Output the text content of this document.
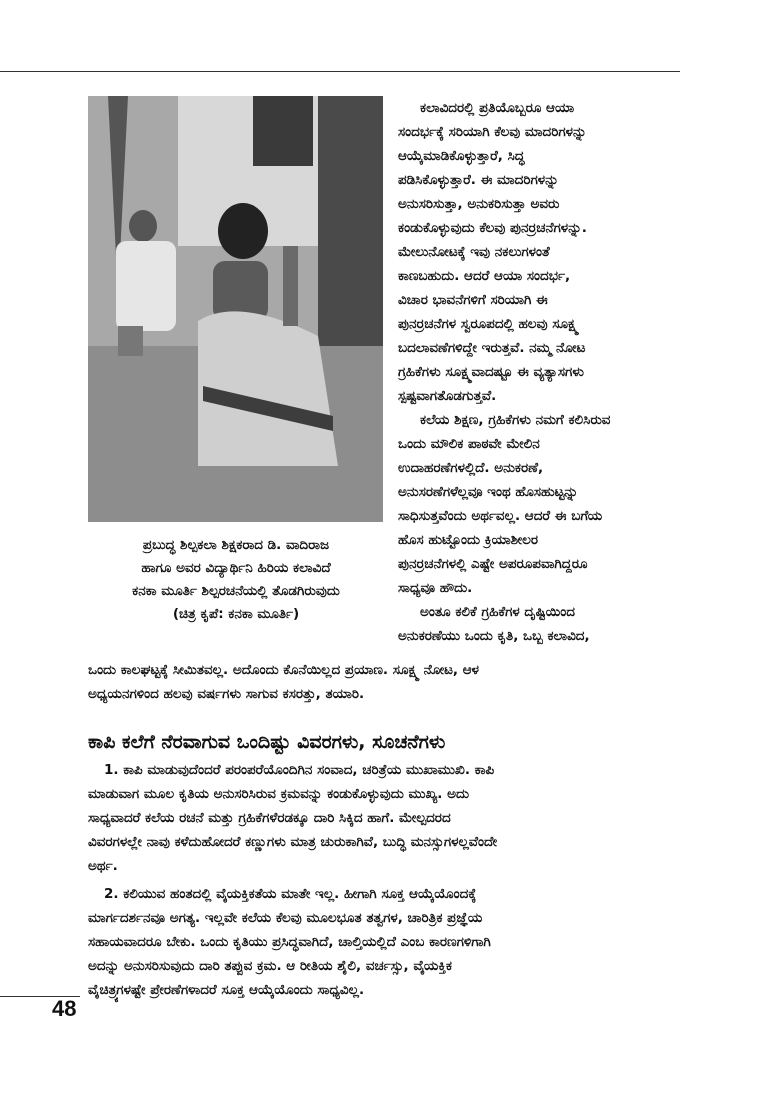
ಪ್ರಬುದ್ಧ ಶಿಲ್ಪಕಲಾ ಶಿಕ್ಷಕರಾದ ಡಿ. ವಾದಿರಾಜ
ಹಾಗೂ ಅವರ ವಿದ್ಯಾರ್ಥಿನಿ ಹಿರಿಯ ಕಲಾವಿದೆ
ಕನಕಾ ಮೂರ್ತಿ ಶಿಲ್ಪರಚನೆಯಲ್ಲಿ ತೊಡಗಿರುವುದು
(ಚಿತ್ರ ಕೃಪೆ: ಕನಕಾ ಮೂರ್ತಿ)
ಕಲಾವಿದರಲ್ಲಿ ಪ್ರತಿಯೊಬ್ಬರೂ ಆಯಾ
ಸಂದರ್ಭಕ್ಕೆ ಸರಿಯಾಗಿ ಕೆಲವು ಮಾದರಿಗಳನ್ನು
ಆಯ್ಕೆಮಾಡಿಕೊಳ್ಳುತ್ತಾರೆ, ಸಿದ್ಧ
ಪಡಿಸಿಕೊಳ್ಳುತ್ತಾರೆ. ಈ ಮಾದರಿಗಳನ್ನು
ಅನುಸರಿಸುತ್ತಾ, ಅನುಕರಿಸುತ್ತಾ ಅವರು
ಕಂಡುಕೊಳ್ಳುವುದು ಕೆಲವು ಪುನರ್ರಚನೆಗಳನ್ನು.
ಮೇಲುನೋಟಕ್ಕೆ ಇವು ನಕಲುಗಳಂತೆ
ಕಾಣಬಹುದು. ಆದರೆ ಆಯಾ ಸಂದರ್ಭ,
ವಿಚಾರ ಭಾವನೆಗಳಿಗೆ ಸರಿಯಾಗಿ ಈ
ಪುನರ್ರಚನೆಗಳ ಸ್ವರೂಪದಲ್ಲಿ ಹಲವು ಸೂಕ್ಷ್ಮ
ಬದಲಾವಣೆಗಳಿದ್ದೇ ಇರುತ್ತವೆ. ನಮ್ಮ ನೋಟ
ಗ್ರಹಿಕೆಗಳು ಸೂಕ್ಷ್ಮವಾದಷ್ಟೂ ಈ ವ್ಯತ್ಯಾಸಗಳು
ಸ್ಪಷ್ಟವಾಗತೊಡಗುತ್ತವೆ.
ಕಲೆಯ ಶಿಕ್ಷಣ, ಗ್ರಹಿಕೆಗಳು ನಮಗೆ ಕಲಿಸಿರುವ
ಒಂದು ಮೌಲಿಕ ಪಾಠವೇ ಮೇಲಿನ
ಉದಾಹರಣೆಗಳಲ್ಲಿದೆ. ಅನುಕರಣೆ,
ಅನುಸರಣೆಗಳೆಲ್ಲವೂ ಇಂಥ ಹೊಸಹುಟ್ಟನ್ನು
ಸಾಧಿಸುತ್ತವೆಂದು ಅರ್ಥವಲ್ಲ. ಆದರೆ ಈ ಬಗೆಯ
ಹೊಸ ಹುಟ್ಟೊಂದು ಕ್ರಿಯಾಶೀಲರ
ಪುನರ್ರಚನೆಗಳಲ್ಲಿ ಎಷ್ಟೇ ಅಪರೂಪವಾಗಿದ್ದರೂ
ಸಾಧ್ಯವೂ ಹೌದು.
ಅಂತೂ ಕಲಿಕೆ ಗ್ರಹಿಕೆಗಳ ದೃಷ್ಟಿಯಿಂದ
ಅನುಕರಣೆಯು ಒಂದು ಕೃತಿ, ಒಬ್ಬ ಕಲಾವಿದ,
ಒಂದು ಕಾಲಘಟ್ಟಕ್ಕೆ ಸೀಮಿತವಲ್ಲ. ಅದೊಂದು ಕೊನೆಯಿಲ್ಲದ ಪ್ರಯಾಣ. ಸೂಕ್ಷ್ಮ ನೋಟ, ಆಳ
ಅಧ್ಯಯನಗಳಿಂದ ಹಲವು ವರ್ಷಗಳು ಸಾಗುವ ಕಸರತ್ತು, ತಯಾರಿ.
ಕಾಪಿ ಕಲೆಗೆ ನೆರವಾಗುವ ಒಂದಿಷ್ಟು ವಿವರಗಳು, ಸೂಚನೆಗಳು
1. ಕಾಪಿ ಮಾಡುವುದೆಂದರೆ ಪರಂಪರೆಯೊಂದಿಗಿನ ಸಂವಾದ, ಚರಿತ್ರೆಯ ಮುಖಾಮುಖಿ. ಕಾಪಿ
ಮಾಡುವಾಗ ಮೂಲ ಕೃತಿಯ ಅನುಸರಿಸಿರುವ ಕ್ರಮವನ್ನು ಕಂಡುಕೊಳ್ಳುವುದು ಮುಖ್ಯ. ಅದು
ಸಾಧ್ಯವಾದರೆ ಕಲೆಯ ರಚನೆ ಮತ್ತು ಗ್ರಹಿಕೆಗಳೆರಡಕ್ಕೂ ದಾರಿ ಸಿಕ್ಕಿದ ಹಾಗೆ. ಮೇಲ್ಪದರದ
ವಿವರಗಳಲ್ಲೇ ನಾವು ಕಳೆದುಹೋದರೆ ಕಣ್ಣುಗಳು ಮಾತ್ರ ಚುರುಕಾಗಿವೆ, ಬುದ್ಧಿ ಮನಸ್ಸುಗಳಲ್ಲವೆಂದೇ
ಅರ್ಥ.
2. ಕಲಿಯುವ ಹಂತದಲ್ಲಿ ವೈಯಕ್ತಿಕತೆಯ ಮಾತೇ ಇಲ್ಲ. ಹೀಗಾಗಿ ಸೂಕ್ತ ಆಯ್ಕೆಯೊಂದಕ್ಕೆ
ಮಾರ್ಗದರ್ಶನವೂ ಅಗತ್ಯ. ಇಲ್ಲವೇ ಕಲೆಯ ಕೆಲವು ಮೂಲಭೂತ ತತ್ವಗಳ, ಚಾರಿತ್ರಿಕ ಪ್ರಜ್ಞೆಯ
ಸಹಾಯವಾದರೂ ಬೇಕು. ಒಂದು ಕೃತಿಯು ಪ್ರಸಿದ್ಧವಾಗಿದೆ, ಚಾಲ್ತಿಯಲ್ಲಿದೆ ಎಂಬ ಕಾರಣಗಳಿಗಾಗಿ
ಅದನ್ನು ಅನುಸರಿಸುವುದು ದಾರಿ ತಪ್ಪುವ ಕ್ರಮ. ಆ ರೀತಿಯ ಶೈಲಿ, ವರ್ಚಸ್ಸು, ವೈಯಕ್ತಿಕ
ವೈಚಿತ್ರ್ಯಗಳಷ್ಟೇ ಪ್ರೇರಣೆಗಳಾದರೆ ಸೂಕ್ತ ಆಯ್ಕೆಯೊಂದು ಸಾಧ್ಯವಿಲ್ಲ.
48
